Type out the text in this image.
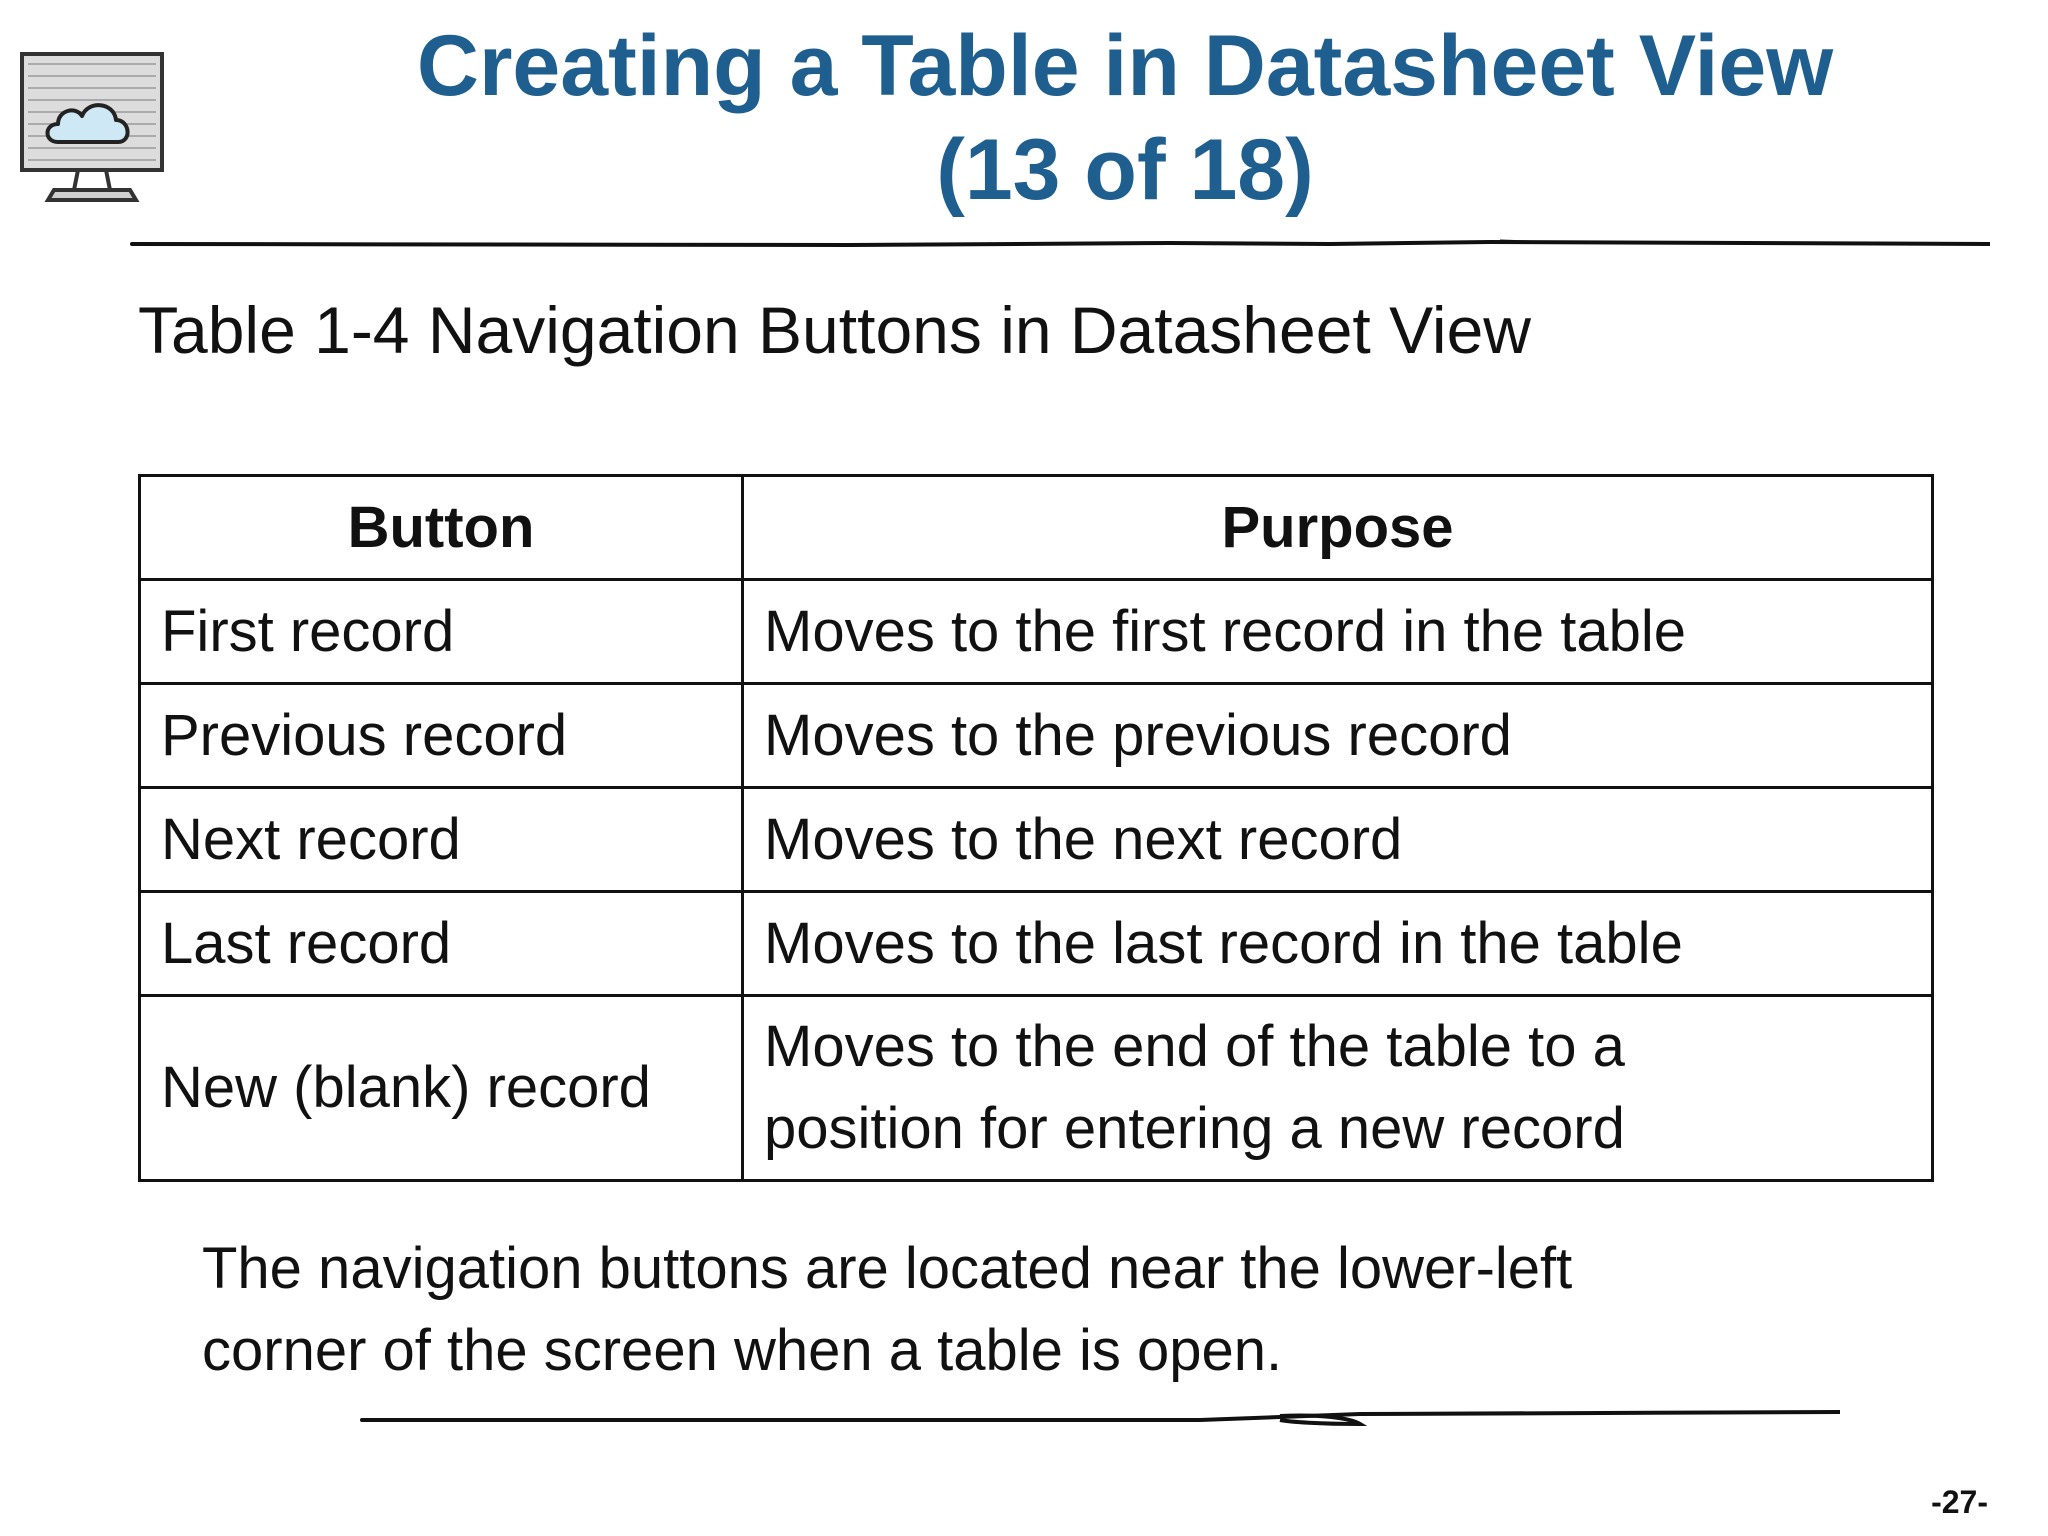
Creating a Table in Datasheet View
(13 of 18)

Table 1-4 Navigation Buttons in Datasheet View

Button	Purpose
First record	Moves to the first record in the table
Previous record	Moves to the previous record
Next record	Moves to the next record
Last record	Moves to the last record in the table
New (blank) record	Moves to the end of the table to a
position for entering a new record

The navigation buttons are located near the lower-left
corner of the screen when a table is open.

-27-
